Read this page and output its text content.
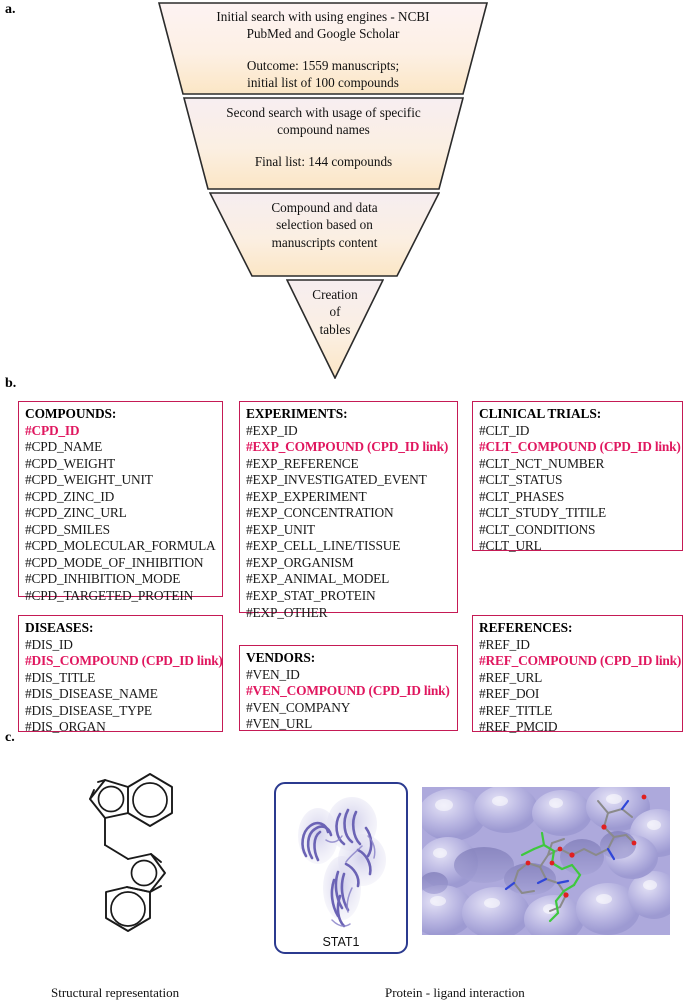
a.	Initial search with using engines - NCBI
PubMed and Google Scholar
Outcome: 1559 manuscripts;
initial list of 100 compounds
Second search with usage of specific
compound names
Final list: 144 compounds
Compound and data
selection based on
manuscripts content
Creation
of
tables
b.
COMPOUNDS:
#CPD_ID
#CPD_NAME
#CPD_WEIGHT
#CPD_WEIGHT_UNIT
#CPD_ZINC_ID
#CPD_ZINC_URL
#CPD_SMILES
#CPD_MOLECULAR_FORMULA
#CPD_MODE_OF_INHIBITION
#CPD_INHIBITION_MODE
#CPD_TARGETED_PROTEIN
EXPERIMENTS:
#EXP_ID
#EXP_COMPOUND (CPD_ID link)
#EXP_REFERENCE
#EXP_INVESTIGATED_EVENT
#EXP_EXPERIMENT
#EXP_CONCENTRATION
#EXP_UNIT
#EXP_CELL_LINE/TISSUE
#EXP_ORGANISM
#EXP_ANIMAL_MODEL
#EXP_STAT_PROTEIN
#EXP_OTHER
CLINICAL TRIALS:
#CLT_ID
#CLT_COMPOUND (CPD_ID link)
#CLT_NCT_NUMBER
#CLT_STATUS
#CLT_PHASES
#CLT_STUDY_TITILE
#CLT_CONDITIONS
#CLT_URL
DISEASES:
#DIS_ID
#DIS_COMPOUND (CPD_ID link)
#DIS_TITLE
#DIS_DISEASE_NAME
#DIS_DISEASE_TYPE
#DIS_ORGAN
VENDORS:
#VEN_ID
#VEN_COMPOUND (CPD_ID link)
#VEN_COMPANY
#VEN_URL
REFERENCES:
#REF_ID
#REF_COMPOUND (CPD_ID link)
#REF_URL
#REF_DOI
#REF_TITLE
#REF_PMCID
c.
Structural representation
STAT1
Protein - ligand interaction
